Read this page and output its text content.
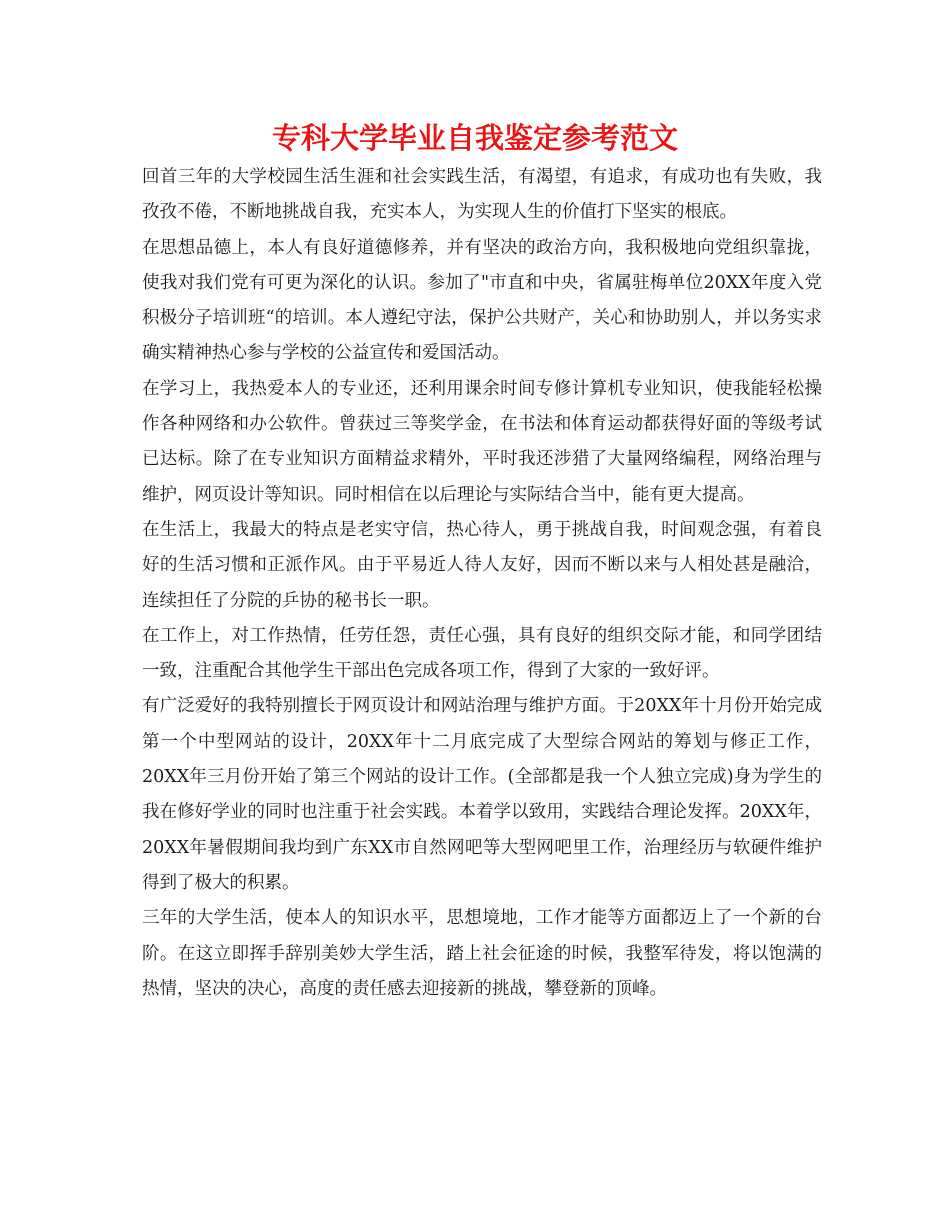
专科大学毕业自我鉴定参考范文

回首三年的大学校园生活生涯和社会实践生活，有渴望，有追求，有成功也有失败，我孜孜不倦，不断地挑战自我，充实本人，为实现人生的价值打下坚实的根底。

在思想品德上，本人有良好道德修养，并有坚决的政治方向，我积极地向党组织靠拢，使我对我们党有可更为深化的认识。参加了"市直和中央，省属驻梅单位20XX年度入党积极分子培训班“的培训。本人遵纪守法，保护公共财产，关心和协助别人，并以务实求确实精神热心参与学校的公益宣传和爱国活动。

在学习上，我热爱本人的专业还，还利用课余时间专修计算机专业知识，使我能轻松操作各种网络和办公软件。曾获过三等奖学金，在书法和体育运动都获得好面的等级考试已达标。除了在专业知识方面精益求精外，平时我还涉猎了大量网络编程，网络治理与维护，网页设计等知识。同时相信在以后理论与实际结合当中，能有更大提高。

在生活上，我最大的特点是老实守信，热心待人，勇于挑战自我，时间观念强，有着良好的生活习惯和正派作风。由于平易近人待人友好，因而不断以来与人相处甚是融洽，连续担任了分院的乒协的秘书长一职。

在工作上，对工作热情，任劳任怨，责任心强，具有良好的组织交际才能，和同学团结一致，注重配合其他学生干部出色完成各项工作，得到了大家的一致好评。

有广泛爱好的我特别擅长于网页设计和网站治理与维护方面。于20XX年十月份开始完成第一个中型网站的设计，20XX年十二月底完成了大型综合网站的筹划与修正工作，20XX年三月份开始了第三个网站的设计工作。(全部都是我一个人独立完成)身为学生的我在修好学业的同时也注重于社会实践。本着学以致用，实践结合理论发挥。20XX年，20XX年暑假期间我均到广东XX市自然网吧等大型网吧里工作，治理经历与软硬件维护得到了极大的积累。

三年的大学生活，使本人的知识水平，思想境地，工作才能等方面都迈上了一个新的台阶。在这立即挥手辞别美妙大学生活，踏上社会征途的时候，我整军待发，将以饱满的热情，坚决的决心，高度的责任感去迎接新的挑战，攀登新的顶峰。
